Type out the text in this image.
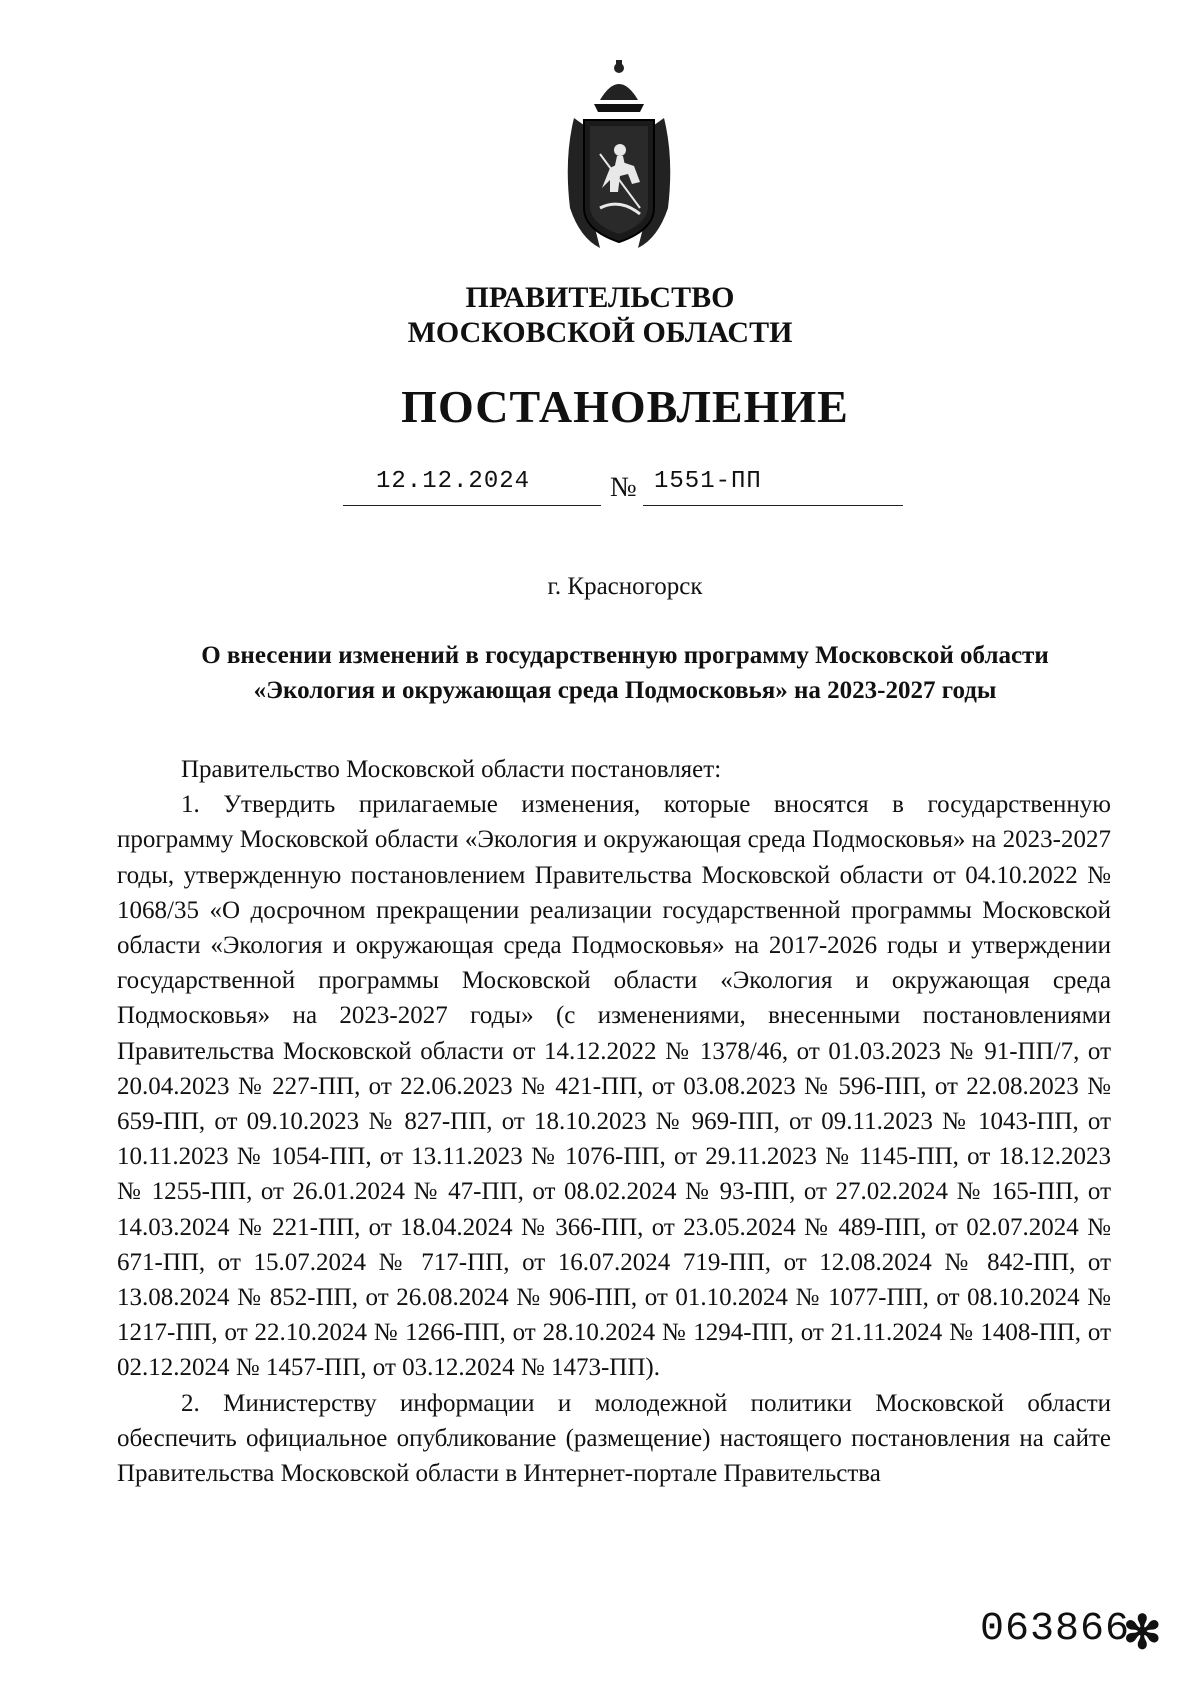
ПРАВИТЕЛЬСТВО
МОСКОВСКОЙ ОБЛАСТИ
ПОСТАНОВЛЕНИЕ
12.12.2024	№ 1551-ПП
г. Красногорск
О внесении изменений в государственную программу Московской области
«Экология и окружающая среда Подмосковья» на 2023-2027 годы

Правительство Московской области постановляет:

1. Утвердить прилагаемые изменения, которые вносятся в государственную программу Московской области «Экология и окружающая среда Подмосковья» на 2023-2027 годы, утвержденную постановлением Правительства Московской области от 04.10.2022 № 1068/35 «О досрочном прекращении реализации государственной программы Московской области «Экология и окружающая среда Подмосковья» на 2017-2026 годы и утверждении государственной программы Московской области «Экология и окружающая среда Подмосковья» на 2023-2027 годы» (с изменениями, внесенными постановлениями Правительства Московской области от 14.12.2022 № 1378/46, от 01.03.2023 № 91-ПП/7, от 20.04.2023 № 227-ПП, от 22.06.2023 № 421-ПП, от 03.08.2023 № 596-ПП, от 22.08.2023 № 659-ПП, от 09.10.2023 № 827-ПП, от 18.10.2023 № 969-ПП, от 09.11.2023 № 1043-ПП, от 10.11.2023 № 1054-ПП, от 13.11.2023 № 1076-ПП, от 29.11.2023 № 1145-ПП, от 18.12.2023 № 1255-ПП, от 26.01.2024 № 47-ПП, от 08.02.2024 № 93-ПП, от 27.02.2024 № 165-ПП, от 14.03.2024 № 221-ПП, от 18.04.2024 № 366-ПП, от 23.05.2024 № 489-ПП, от 02.07.2024 № 671-ПП, от 15.07.2024 № 717-ПП, от 16.07.2024 719-ПП, от 12.08.2024 № 842-ПП, от 13.08.2024 № 852-ПП, от 26.08.2024 № 906-ПП, от 01.10.2024 № 1077-ПП, от 08.10.2024 № 1217-ПП, от 22.10.2024 № 1266-ПП, от 28.10.2024 № 1294-ПП, от 21.11.2024 № 1408-ПП, от 02.12.2024 № 1457-ПП, от 03.12.2024 № 1473-ПП).

2. Министерству информации и молодежной политики Московской области обеспечить официальное опубликование (размещение) настоящего постановления на сайте Правительства Московской области в Интернет-портале Правительства

063866
✻
